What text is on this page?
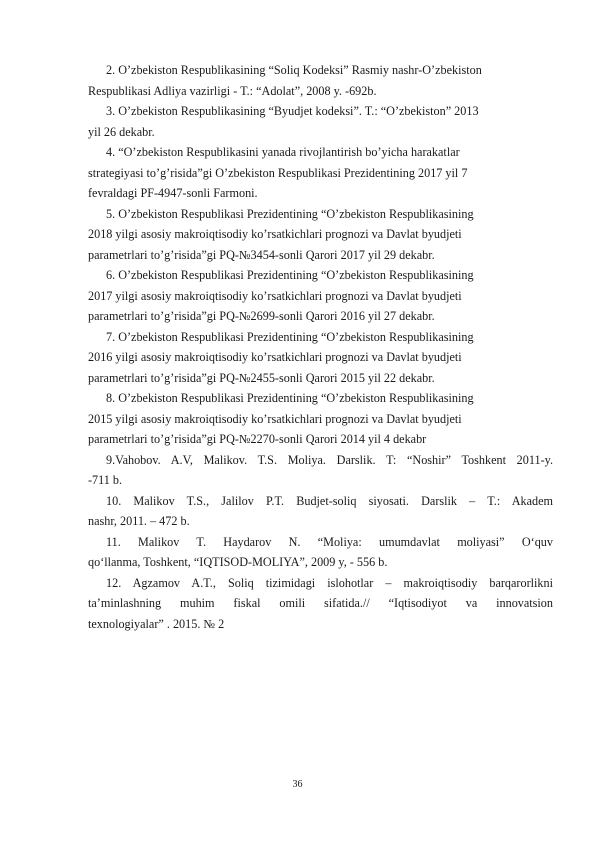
2. O’zbekiston Respublikasining “Soliq Kodeksi” Rasmiy nashr-O’zbekiston
Respublikasi Adliya vazirligi - T.: “Adolat”, 2008 y. -692b.
3. O’zbekiston Respublikasining “Byudjet kodeksi”. T.: “O’zbekiston” 2013
yil 26 dekabr.
4. “O’zbekiston Respublikasini yanada rivojlantirish bo’yicha harakatlar
strategiyasi to’g’risida”gi O’zbekiston Respublikasi Prezidentining 2017 yil 7
fevraldagi PF-4947-sonli Farmoni.
5. O’zbekiston Respublikasi Prezidentining “O’zbekiston Respublikasining
2018 yilgi asosiy makroiqtisodiy ko’rsatkichlari prognozi va Davlat byudjeti
parametrlari to’g’risida”gi PQ-№3454-sonli Qarori 2017 yil 29 dekabr.
6. O’zbekiston Respublikasi Prezidentining “O’zbekiston Respublikasining
2017 yilgi asosiy makroiqtisodiy ko’rsatkichlari prognozi va Davlat byudjeti
parametrlari to’g’risida”gi PQ-№2699-sonli Qarori 2016 yil 27 dekabr.
7. O’zbekiston Respublikasi Prezidentining “O’zbekiston Respublikasining
2016 yilgi asosiy makroiqtisodiy ko’rsatkichlari prognozi va Davlat byudjeti
parametrlari to’g’risida”gi PQ-№2455-sonli Qarori 2015 yil 22 dekabr.
8. O’zbekiston Respublikasi Prezidentining “O’zbekiston Respublikasining
2015 yilgi asosiy makroiqtisodiy ko’rsatkichlari prognozi va Davlat byudjeti
parametrlari to’g’risida”gi PQ-№2270-sonli Qarori 2014 yil 4 dekabr
9.Vahobov. A.V, Malikov. T.S. Moliya. Darslik. T: “Noshir” Toshkent 2011-y.
-711 b.
10. Malikov T.S., Jalilov P.T. Budjet-soliq siyosati. Darslik – T.: Akadem
nashr, 2011. – 472 b.
11. Malikov T. Haydarov N. “Moliya: umumdavlat moliyasi” O‘quv
qo‘llanma, Toshkent, “IQTISOD-MOLIYA”, 2009 y, - 556 b.
12. Agzamov A.T., Soliq tizimidagi islohotlar – makroiqtisodiy barqarorlikni
ta’minlashning muhim fiskal omili sifatida.// “Iqtisodiyot va innovatsion
texnologiyalar” . 2015. № 2
36
